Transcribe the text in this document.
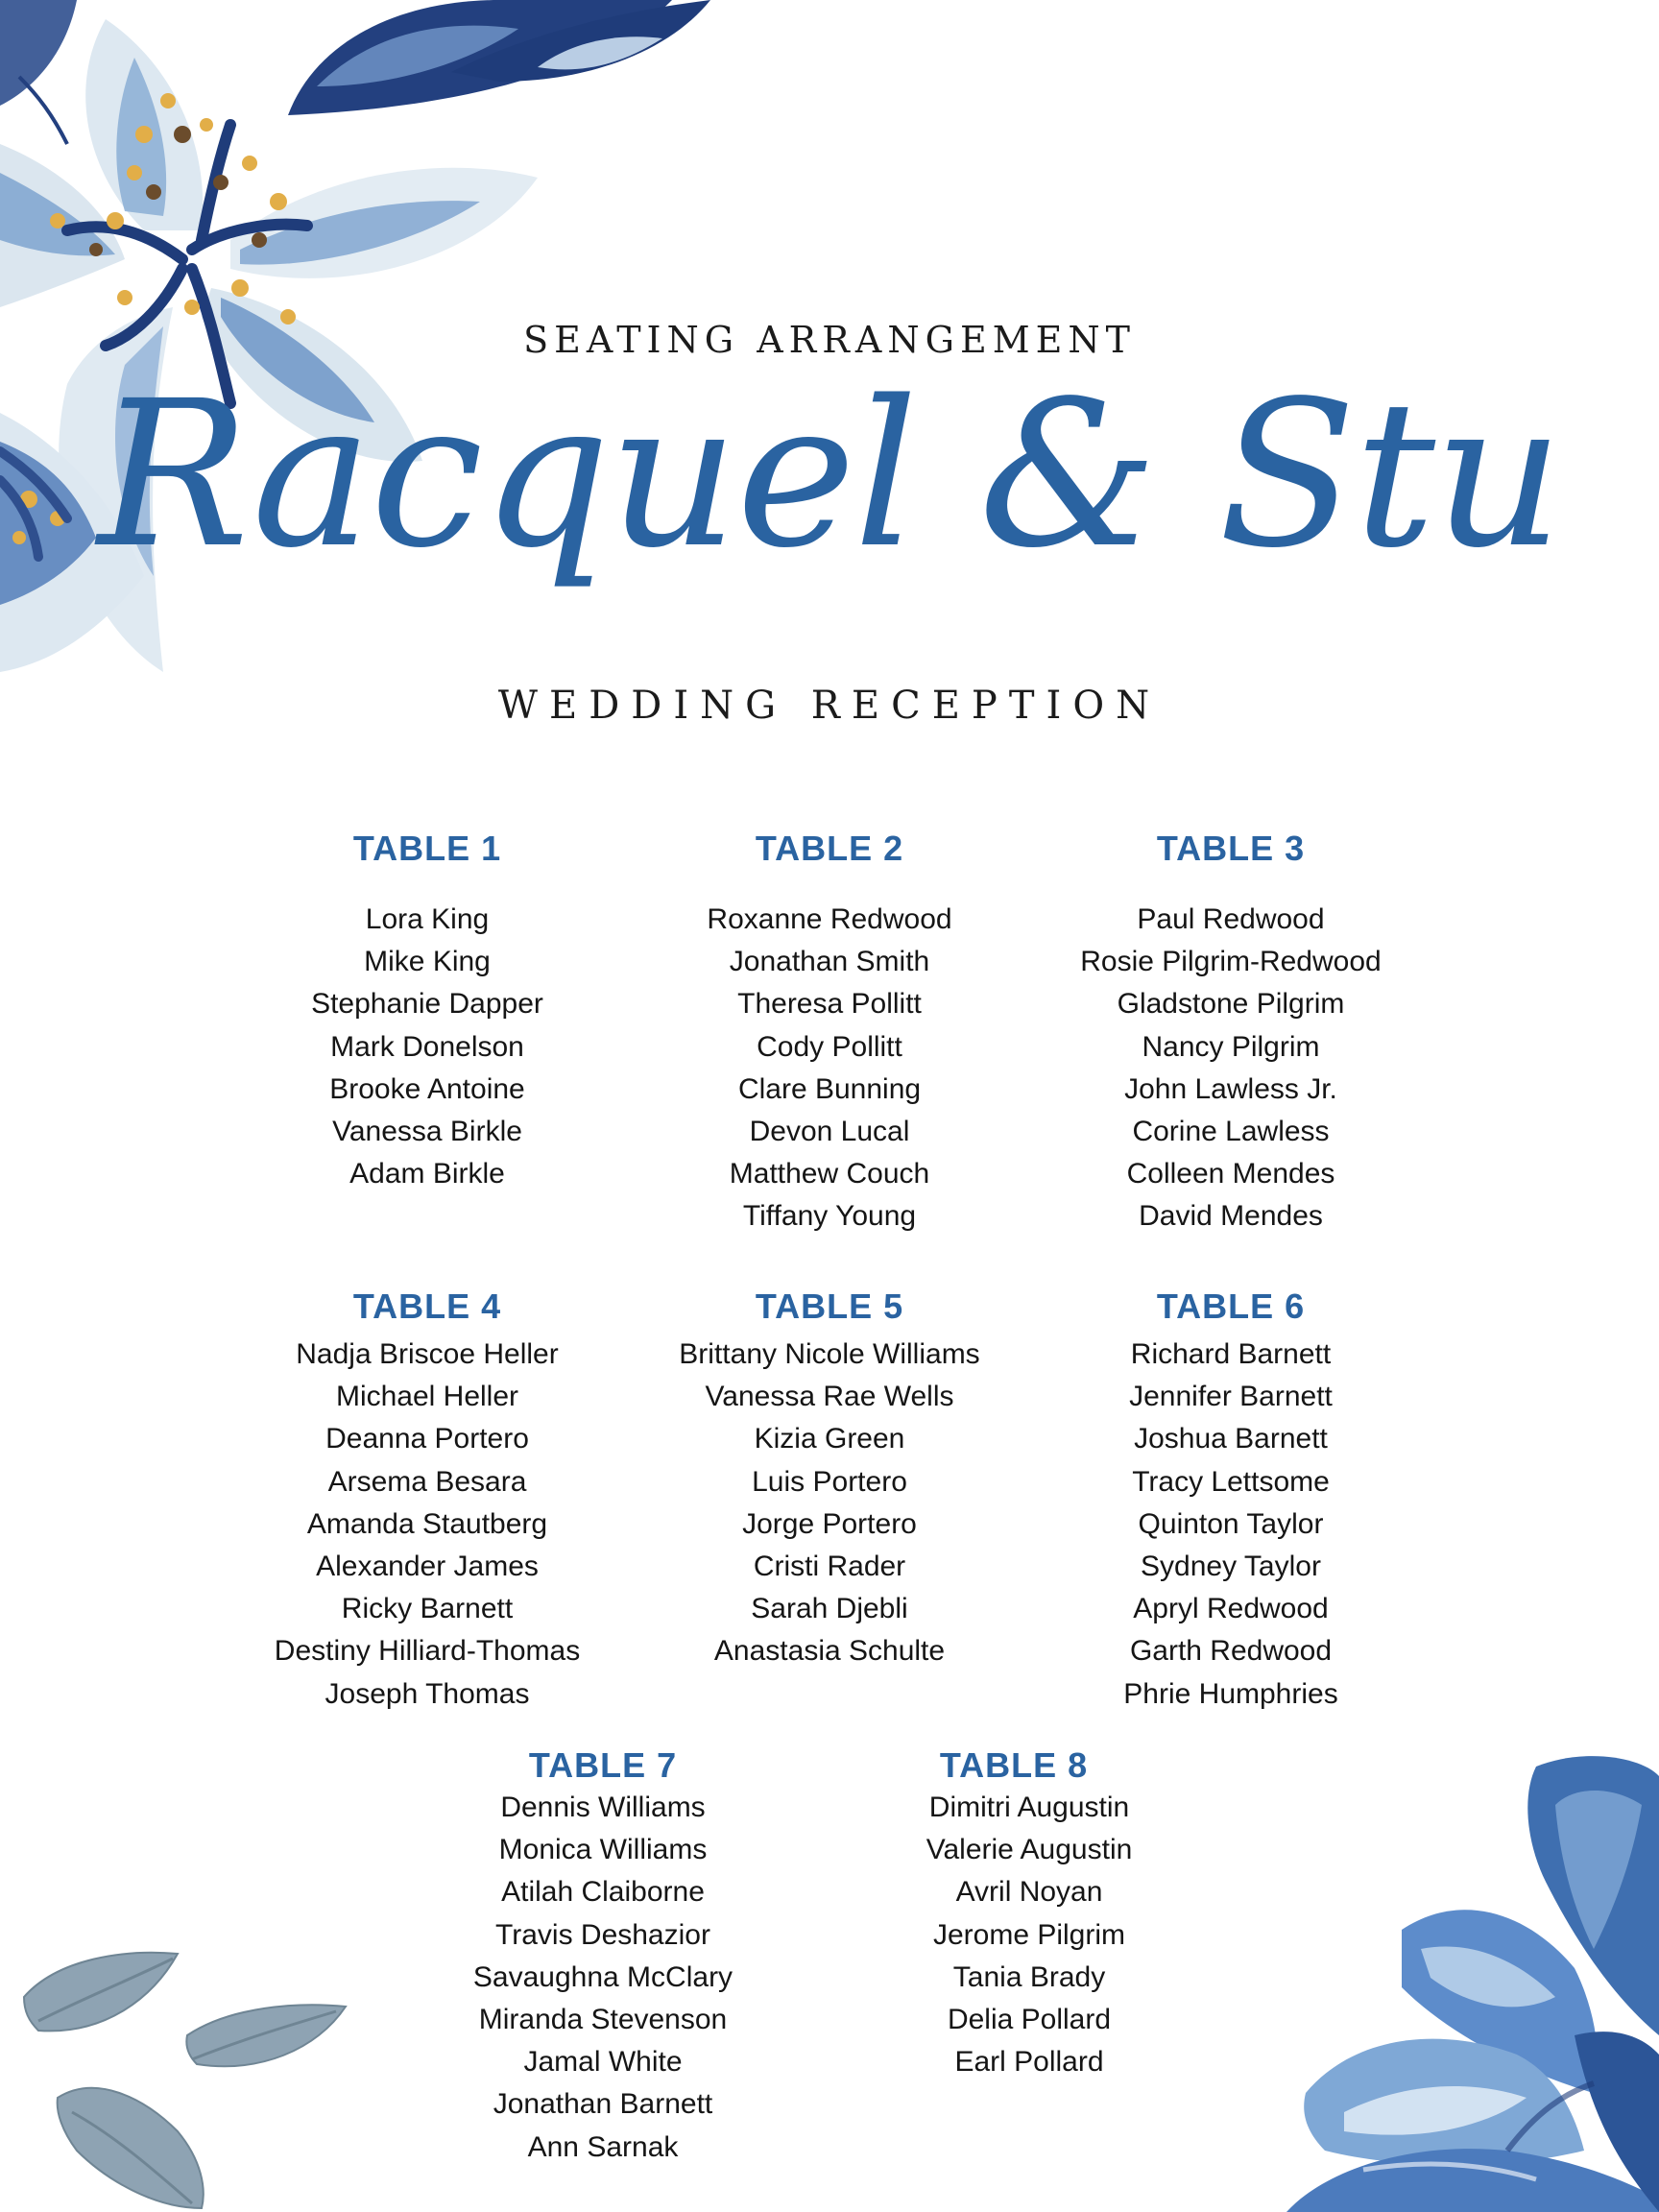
SEATING ARRANGEMENT
Racquel & Stu
WEDDING RECEPTION
TABLE 1
Lora King
Mike King
Stephanie Dapper
Mark Donelson
Brooke Antoine
Vanessa Birkle
Adam Birkle
TABLE 2
Roxanne Redwood
Jonathan Smith
Theresa Pollitt
Cody Pollitt
Clare Bunning
Devon Lucal
Matthew Couch
Tiffany Young
TABLE 3
Paul Redwood
Rosie Pilgrim-Redwood
Gladstone Pilgrim
Nancy Pilgrim
John Lawless Jr.
Corine Lawless
Colleen Mendes
David Mendes
TABLE 4
Nadja Briscoe Heller
Michael Heller
Deanna Portero
Arsema Besara
Amanda Stautberg
Alexander James
Ricky Barnett
Destiny Hilliard-Thomas
Joseph Thomas
TABLE 5
Brittany Nicole Williams
Vanessa Rae Wells
Kizia Green
Luis Portero
Jorge Portero
Cristi Rader
Sarah Djebli
Anastasia Schulte
TABLE 6
Richard Barnett
Jennifer Barnett
Joshua Barnett
Tracy Lettsome
Quinton Taylor
Sydney Taylor
Apryl Redwood
Garth Redwood
Phrie Humphries
TABLE 7
Dennis Williams
Monica Williams
Atilah Claiborne
Travis Deshazior
Savaughna McClary
Miranda Stevenson
Jamal White
Jonathan Barnett
Ann Sarnak
TABLE 8
Dimitri Augustin
Valerie Augustin
Avril Noyan
Jerome Pilgrim
Tania Brady
Delia Pollard
Earl Pollard
